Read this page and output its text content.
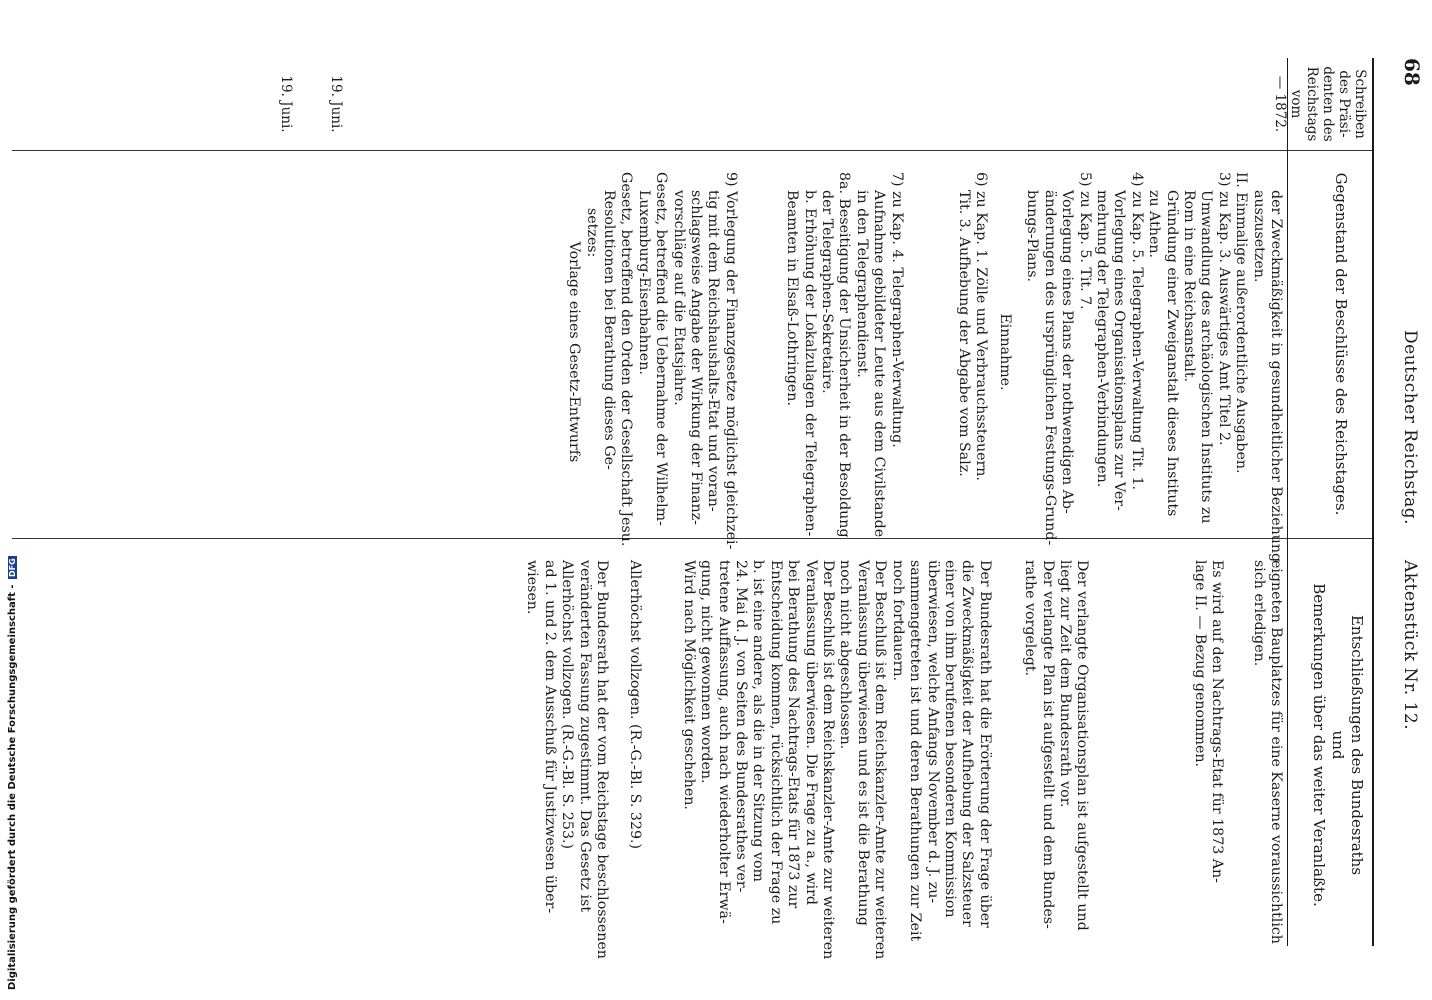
68
Deutscher Reichstag.
Aktenstück Nr. 12.
Schreiben
des Präsi-
denten des
Reichstags
vom
— 1872.
Gegenstand der Beschlüsse des Reichstages.
Entschließungen des Bundesraths
und
Bemerkungen über das weiter Veranlaßte.
19. Juni.
19. Juni.
der Zweckmäßigkeit in gesundheitlicher Beziehung
auszusetzen.
II. Einmalige außerordentliche Ausgaben.
3) zu Kap. 3. Auswärtiges Amt Titel 2.
Umwandlung des archäologischen Instituts zu
Rom in eine Reichsanstalt.
Gründung einer Zweiganstalt dieses Instituts
zu Athen.
4) zu Kap. 5. Telegraphen-Verwaltung Tit. 1.
Vorlegung eines Organisationsplans zur Ver-
mehrung der Telegraphen-Verbindungen.
5) zu Kap. 5. Tit. 7.
Vorlegung eines Plans der nothwendigen Ab-
änderungen des ursprünglichen Festungs-Grund-
bungs-Plans.
Einnahme.
6) zu Kap. 1. Zölle und Verbrauchssteuern.
Tit. 3. Aufhebung der Abgabe vom Salz.
7) zu Kap. 4. Telegraphen-Verwaltung.
Aufnahme gebildeter Leute aus dem Civilstande
in den Telegraphendienst.
8a. Beseitigung der Unsicherheit in der Besoldung
der Telegraphen-Sekretaire.
b. Erhöhung der Lokalzulagen der Telegraphen-
Beamten in Elsaß-Lothringen.
9) Vorlegung der Finanzgesetze möglichst gleichzei-
tig mit dem Reichshaushalts-Etat und voran-
schlagsweise Angabe der Wirkung der Finanz-
vorschläge auf die Etatsjahre.
Gesetz, betreffend die Uebernahme der Wilhelm-
Luxemburg-Eisenbahnen.
Gesetz, betreffend den Orden der Gesellschaft Jesu.
Resolutionen bei Berathung dieses Ge-
setzes:
Vorlage eines Gesetz-Entwurfs
eigneten Bauplatzes für eine Kaserne voraussichtlich
sich erledigen.
Es wird auf den Nachtrags-Etat für 1873 An-
lage II. — Bezug genommen.
Der verlangte Organisationsplan ist aufgestellt und
liegt zur Zeit dem Bundesrath vor.
Der verlangte Plan ist aufgestellt und dem Bundes-
rathe vorgelegt.
Der Bundesrath hat die Erörterung der Frage über
die Zweckmäßigkeit der Aufhebung der Salzsteuer
einer von ihm berufenen besonderen Kommission
überwiesen, welche Anfangs November d. J. zu-
sammengetreten ist und deren Berathungen zur Zeit
noch fortdauern.
Der Beschluß ist dem Reichskanzler-Amte zur weiteren
Veranlassung überwiesen und es ist die Berathung
noch nicht abgeschlossen.
Der Beschluß ist dem Reichskanzler-Amte zur weiteren
Veranlassung überwiesen. Die Frage zu a., wird
bei Berathung des Nachtrags-Etats für 1873 zur
Entscheidung kommen, rücksichtlich der Frage zu
b. ist eine andere, als die in der Sitzung vom
24. Mai d. J. von Seiten des Bundesrathes ver-
tretene Auffassung, auch nach wiederholter Erwä-
gung, nicht gewonnen worden.
Wird nach Möglichkeit geschehen.
Allerhöchst vollzogen. (R.-G.-Bl. S. 329.)
Der Bundesrath hat der vom Reichstage beschlossenen
veränderten Fassung zugestimmt. Das Gesetz ist
Allerhöchst vollzogen. (R.-G.-Bl. S. 253.)
ad 1. und 2. dem Ausschuß für Justizwesen über-
wiesen.
Digitalisierung gefördert durch die Deutsche Forschungsgemeinschaft - DFG
